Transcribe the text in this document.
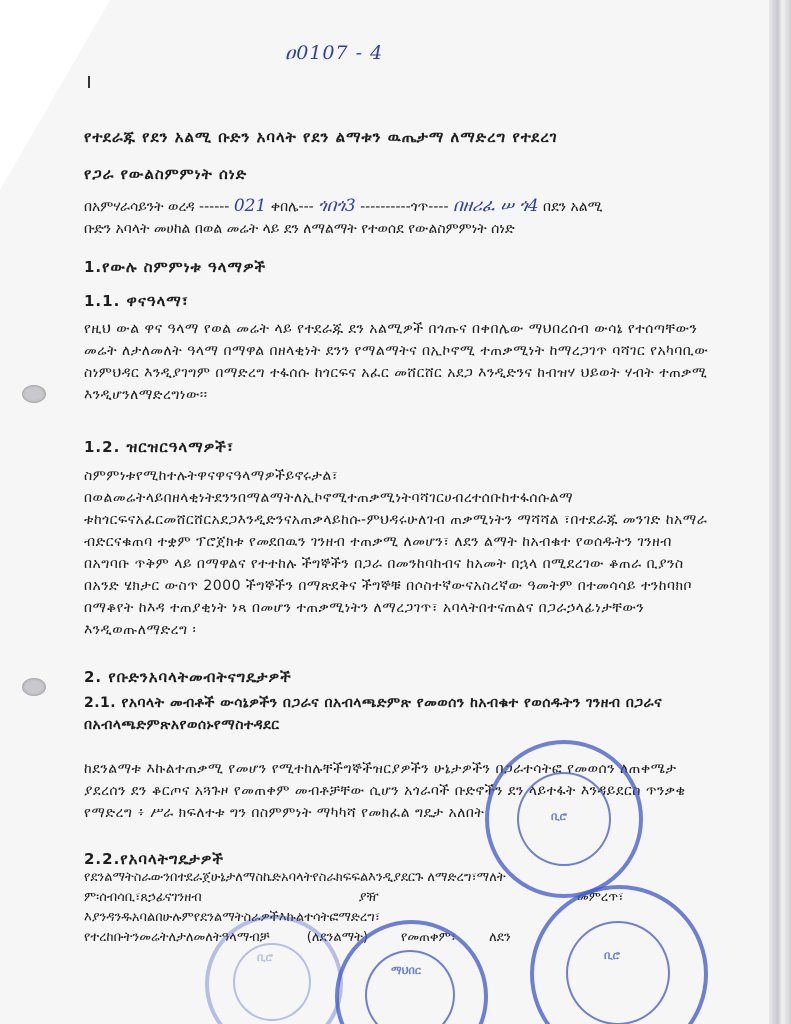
ዐ0107 - 4
የተደራጁ የደን አልሚ ቡድን አባላት የደን ልማቱን ዉጤታማ ለማድረግ የተደረገ
የጋራ የውልስምምነት ሰነድ
በአምሃራሳይንት ወረዳ ------ 021 ቀበሌ--- ጎበጎ3 ----------ጎጥ---- በዘሪፈ ሠ ጎ4 በደን አልሚ
ቡድን አባላት መሀከል በወል መሬት ላይ ደን ለማልማት የተወሰደ የውልስምምነት ሰነድ
1.የውሉ ስምምነቱ ዓላማዎች
1.1. ዋናዓላማ፣
የዚህ ውል ዋና ዓላማ የወል መሬት ላይ የተደራጁ ደን አልሚዎች በጎጡና በቀበሌው ማህበረሰብ ውሳኔ የተሰጣቸውን መሬት ለታለመለት ዓላማ በማዋል በዘላቂነት ደንን የማልማትና በኢኮኖሚ ተጠቃሚነት ከማረጋገጥ ባሻገር የአካባቢው ስነምህዳር እንዲያገግም በማድረግ ተፋሰሱ ከጎርፍና አፈር መሸርሸር አደጋ እንዲድንና ከብዝሃ ህይወት ሃብት ተጠቃሚ እንዲሆንለማድረግነው፡፡
1.2. ዝርዝርዓላማዎች፣
ስምምነቱየሚከተሉትዋናዋናዓላማዎችይኖሩታል፣ በወልመሬትላይበዘላቂነትደንንበማልማትለኢኮኖሚተጠቃሚነትባሻገርሀብረተሰቡከተፋሰሱልማ ቱከጎርፍናአፈርመሸርሸርአደጋእንዲድንናአጠቃላይከሱ-ምህዳሩሁለገብ ጠቃሚነትን ማሻሻል ፣በተደራጁ መንገድ ከአማራ ብድርናቁጠባ ተቋም ፕሮጀክቱ የመደበዉን ገንዘብ ተጠቃሚ ለመሆን፣ ለደን ልማት ከአብቁተ የወሰዱትን ገንዘብ በአግባቡ ጥቅም ላይ በማዋልና የተተከሉ ችግኞችን በጋራ በመንከባከብና ከአመት በኋላ በሚደረገው ቆጠራ ቢያንስ በአንድ ሄክታር ውስጥ 2000 ችግኞችን በማጽደቅና ችግኞቹ በሶስተኛውናአስረኛው ዓመትም በተመሳሳይ ተንከባክቦ በማቆየት ከእዳ ተጠያቂነት ነጻ በመሆን ተጠቃሚነትን ለማረጋገጥ፣ አባላትበተናጠልና በጋራኃላፊነታቸውን እንዲወጡለማድረግ ፡
2. የቡድንአባላትመብትናግዴታዎች
2.1. የአባላት መብቶች ውሳኔዎችን በጋራና በአብላጫድምጽ የመወሰን ከአብቁተ የወሰዱትን ገንዘብ በጋራና በአብላጫድምጽአየወሰኑየማስተዳደር
ከደንልማቱ እኩልተጠቃሚ የመሆን የሚተከሉቸችግኞችዝርያዎችን ሁኔታዎችን በጋራተሳትፎ የመወሰን ለጠቀሜታ ያደረሰን ደን ቆርጦና አጓጉዞ የመጠቀም መብቶቻቸው ሲሆን አጎራባች ቡድኖችን ደን ላይተፋት እንዳይደርስ ጥንቃቄ የማድረግ ፥ ሥራ ክፍለተቱ ግን በስምምነት ማካካሻ የመክፈል ግዴታ አለበት
2.2.የአባላትግዴታዎች
የደንልማትስራውንበተደራጀሁኔታለማስኬድአባላትየስራክፍፍልእንዲያደርጉ ለማድረግ፣ማለት
ም፡ሰብሳቢ፣ጸኃፊናገንዘብ                                      ያዥ                                                መምረጥ፣
እያንዳንዱአባልበሁሉምየደንልማትስራዎችእኩልተሳትፎማድረግ፣
የተረከቡትንመሬትለታለመለትዓላማብቻ         (ለደንልማት)        የመጠቀም፣        ለደን
ቢሮ
ቢሮ
ማህበር
ቢሮ
